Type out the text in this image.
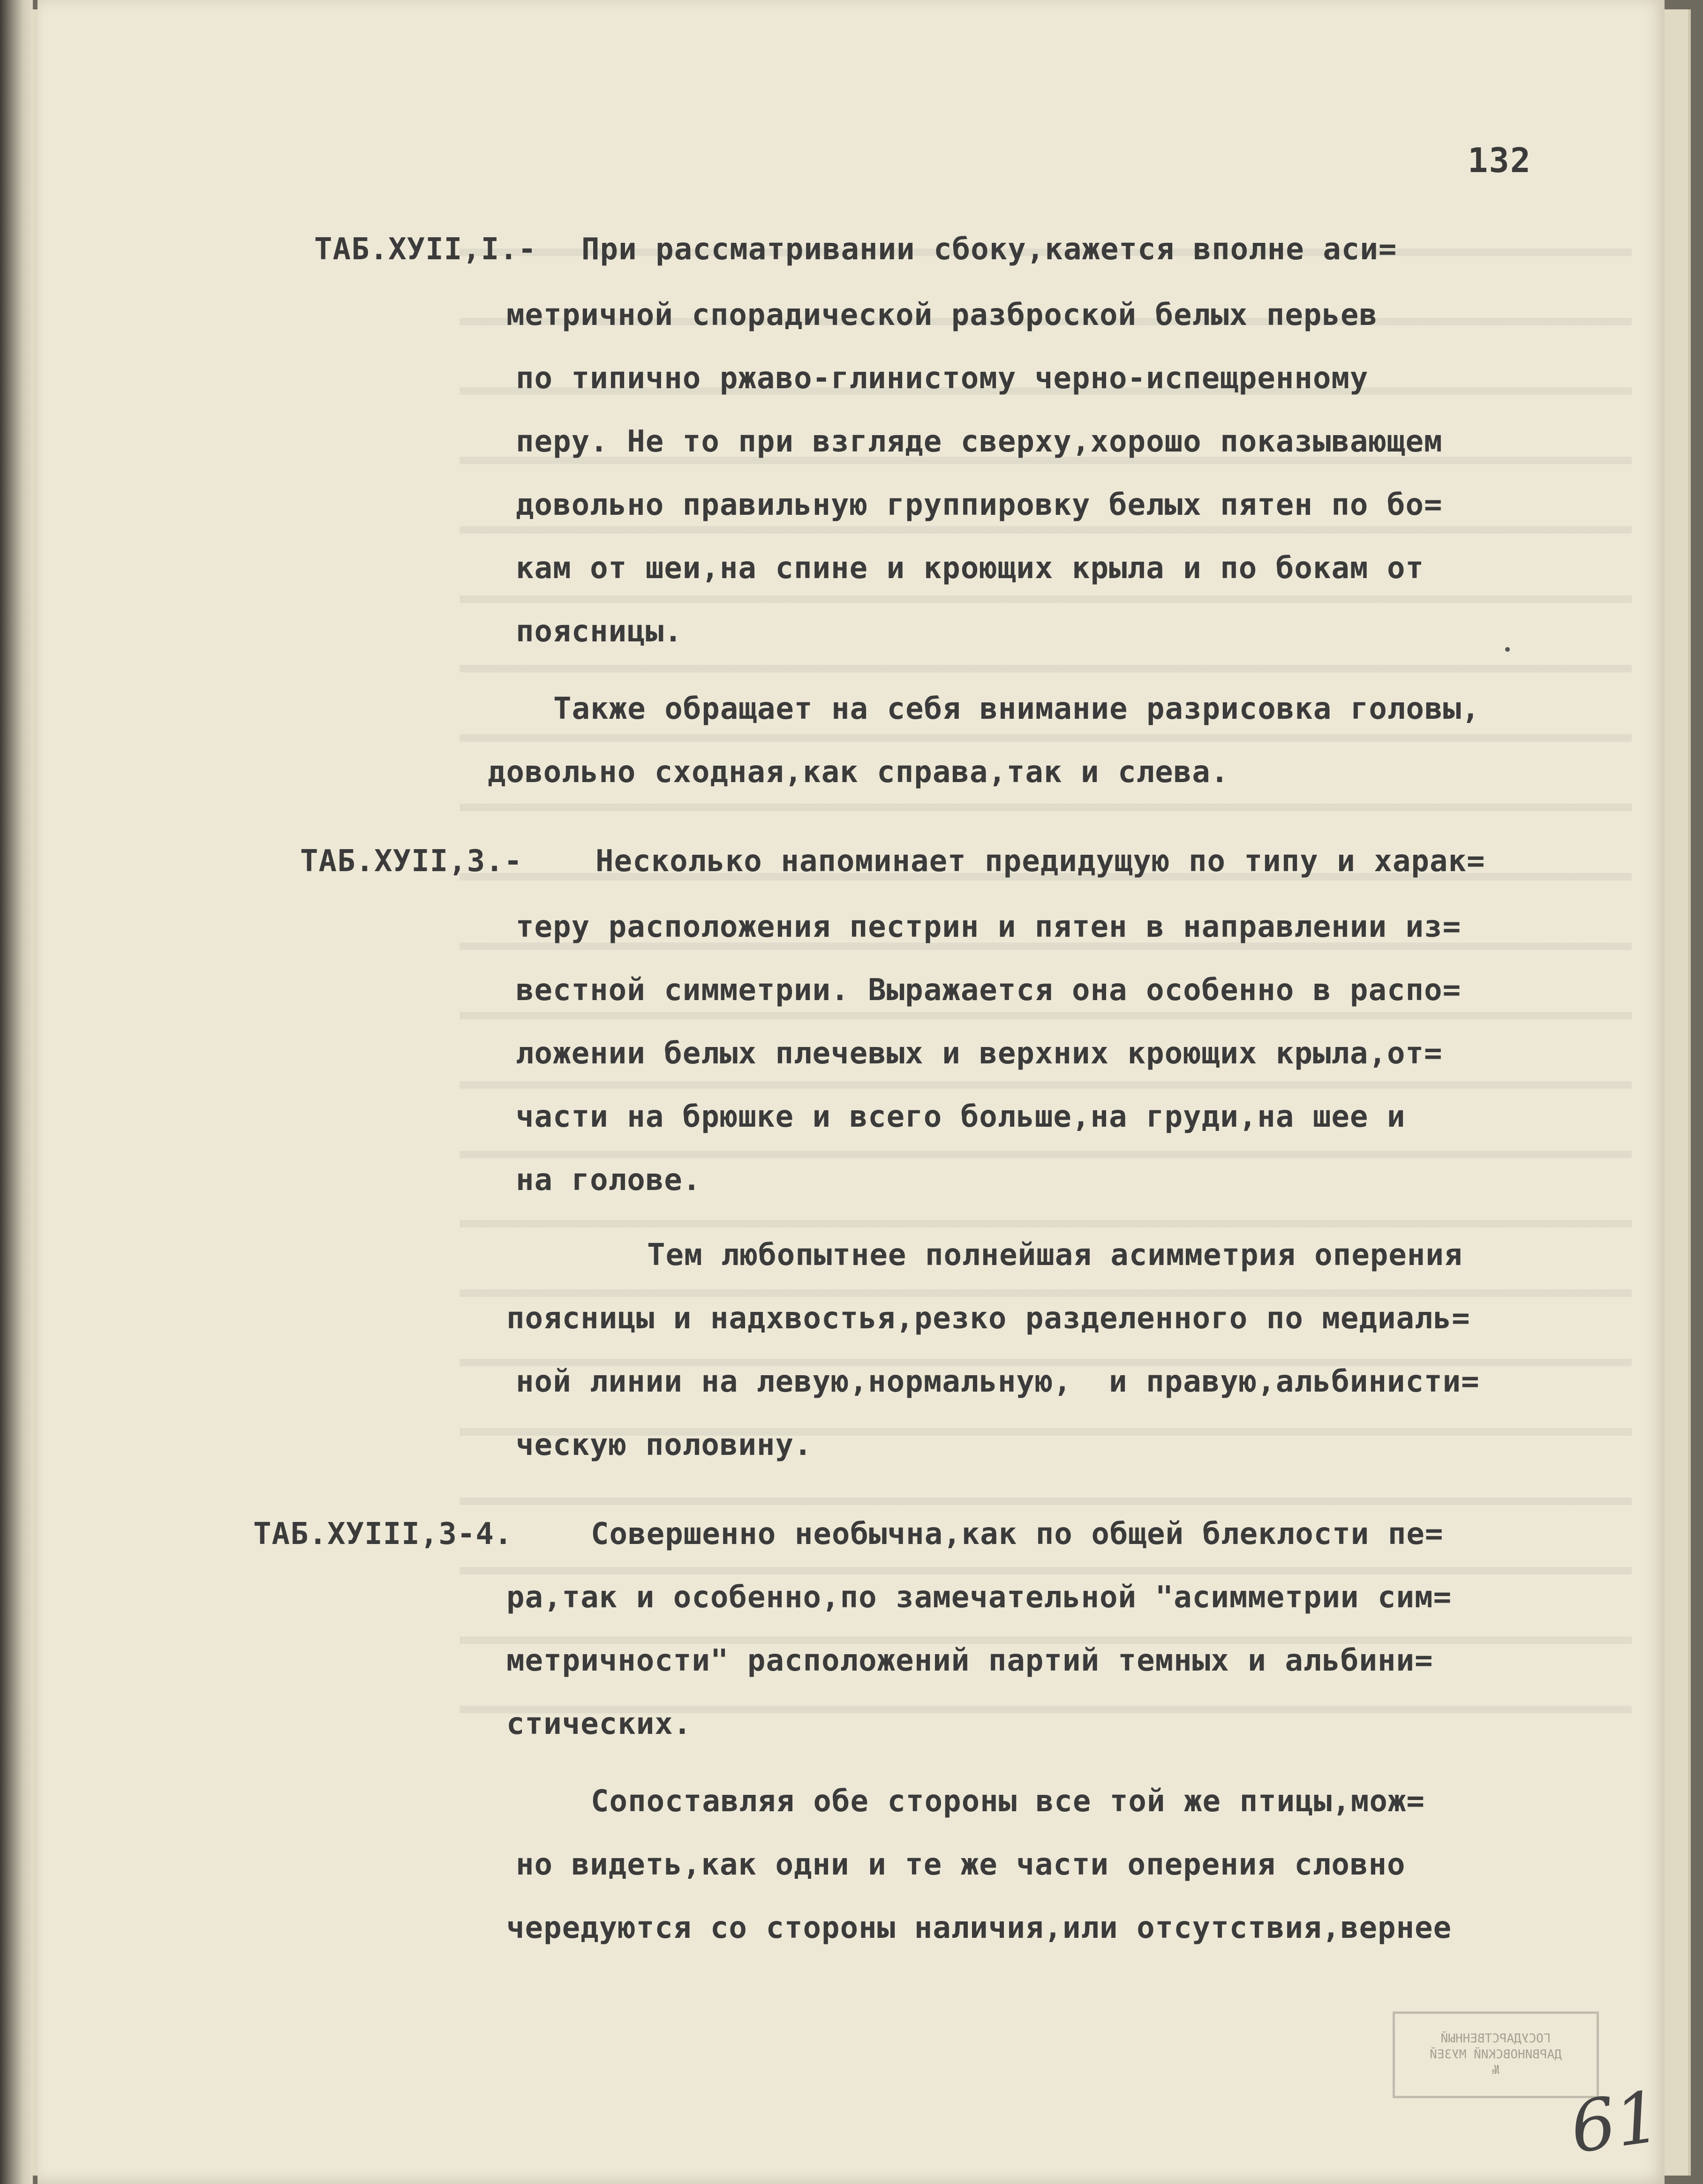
132
ТАБ.ХУII,I.- При рассматривании сбоку,кажется вполне аси=
метричной спорадической разброской белых перьев
по типично ржаво-глинистому черно-испещренному
перу. Не то при взгляде сверху,хорошо показывающем
довольно правильную группировку белых пятен по бо=
кам от шеи,на спине и кроющих крыла и по бокам от
поясницы.
Также обращает на себя внимание разрисовка головы,
довольно сходная,как справа,так и слева.
ТАБ.ХУII,3.- Несколько напоминает предидущую по типу и харак=
теру расположения пестрин и пятен в направлении из=
вестной симметрии. Выражается она особенно в распо=
ложении белых плечевых и верхних кроющих крыла,от=
части на брюшке и всего больше,на груди,на шее и
на голове.
Тем любопытнее полнейшая асимметрия оперения
поясницы и надхвостья,резко разделенного по медиаль=
ной линии на левую,нормальную,  и правую,альбинисти=
ческую половину.
ТАБ.ХУIII,3-4.	Совершенно необычна,как по общей блеклости пе=
ра,так и особенно,по замечательной "асимметрии сим=
метричности" расположений партий темных и альбини=
стических.
Сопоставляя обе стороны все той же птицы,мож=
но видеть,как одни и те же части оперения словно
чередуются со стороны наличия,или отсутствия,вернее
ГОСУДАРСТВЕННЫЙ
ДАРВИНОВСКИЙ МУЗЕЙ
№
61
